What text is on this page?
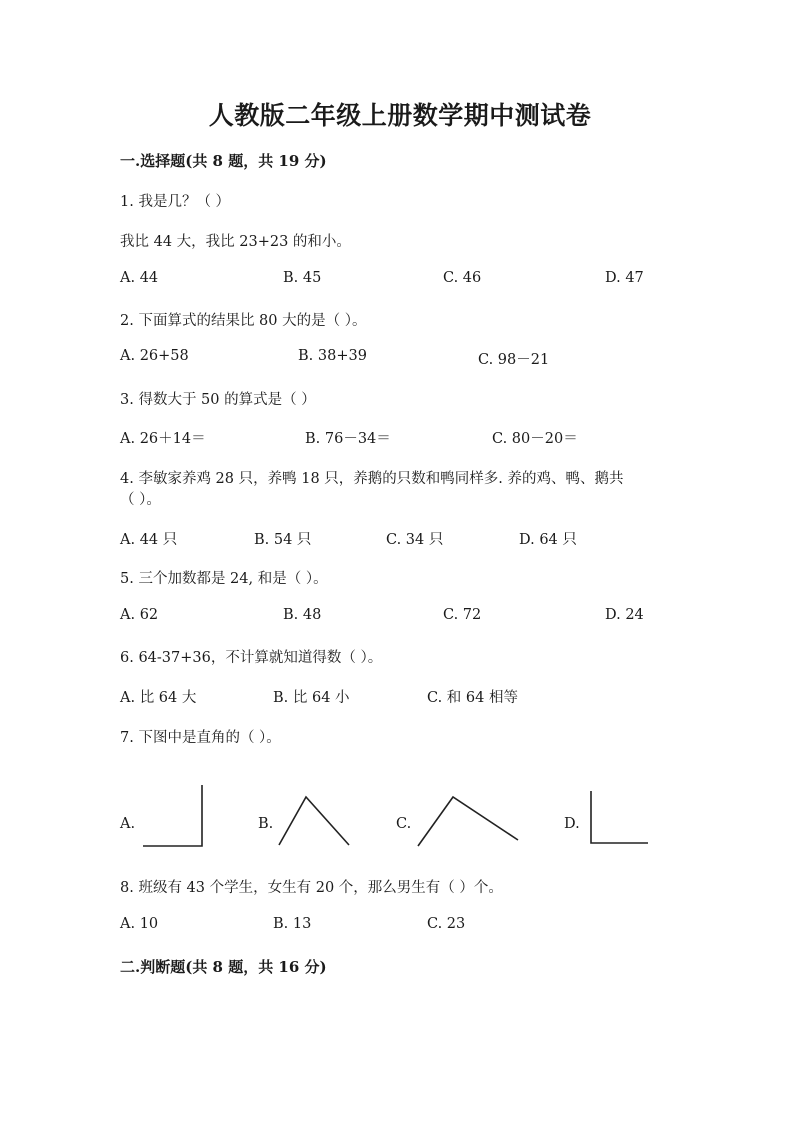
人教版二年级上册数学期中测试卷
一.选择题(共 8 题，共 19 分)
1. 我是几？（ ）
我比 44 大，我比 23+23 的和小。
A. 44	B. 45	C. 46	D. 47
2. 下面算式的结果比 80 大的是（ ）。
A. 26+58	B. 38+39	C. 98－21
3. 得数大于 50 的算式是（ ）
A. 26＋14＝	B. 76－34＝	C. 80－20＝
4. 李敏家养鸡 28 只，养鸭 18 只，养鹅的只数和鸭同样多. 养的鸡、鸭、鹅共
（ ）。
A. 44 只	B. 54 只	C. 34 只	D. 64 只
5. 三个加数都是 24, 和是（ ）。
A. 62	B. 48	C. 72	D. 24
6. 64-37+36，不计算就知道得数（ ）。
A. 比 64 大	B. 比 64 小	C. 和 64 相等
7. 下图中是直角的（ ）。
A.	B.	C.	D.
8. 班级有 43 个学生，女生有 20 个，那么男生有（ ）个。
A. 10	B. 13	C. 23
二.判断题(共 8 题，共 16 分)
